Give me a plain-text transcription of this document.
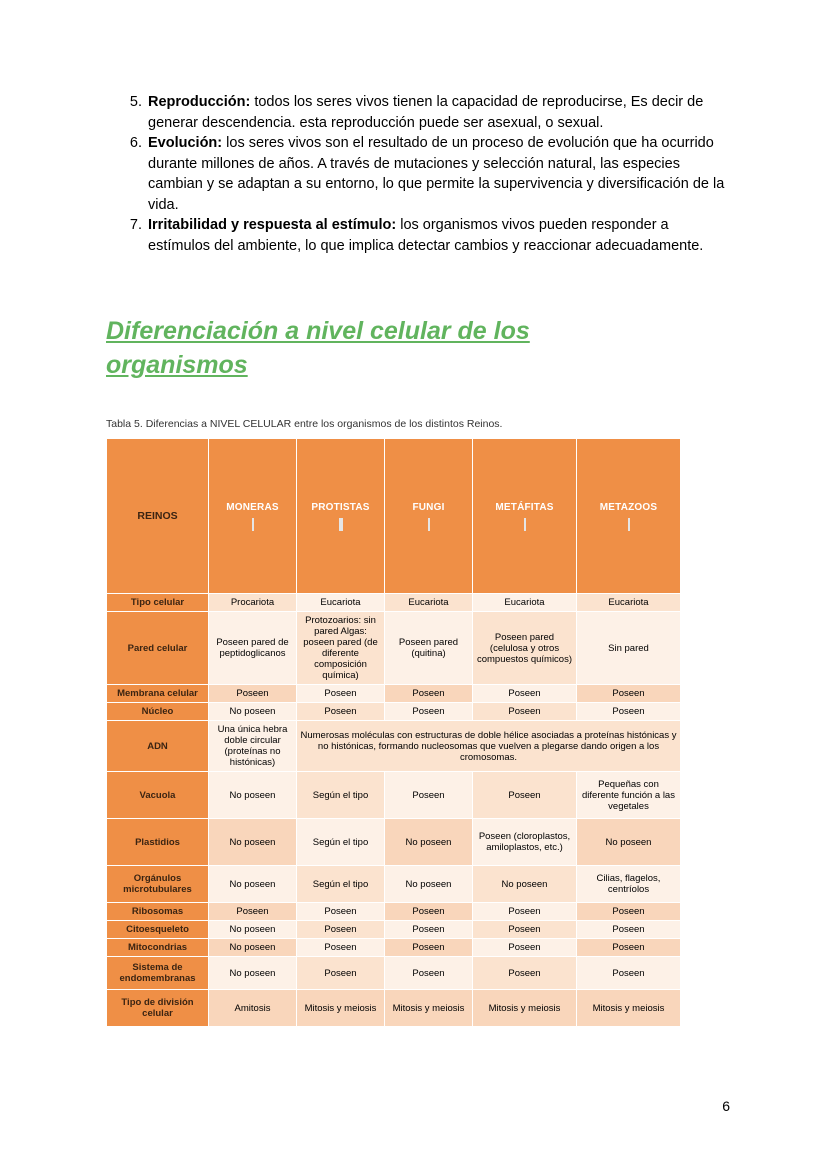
Reproducción: todos los seres vivos tienen la capacidad de reproducirse, Es decir de generar descendencia. esta reproducción puede ser asexual, o sexual.
Evolución: los seres vivos son el resultado de un proceso de evolución que ha ocurrido durante millones de años. A través de mutaciones y selección natural, las especies cambian y se adaptan a su entorno, lo que permite la supervivencia y diversificación de la vida.
Irritabilidad y respuesta al estímulo: los organismos vivos pueden responder a estímulos del ambiente, lo que implica detectar cambios y reaccionar adecuadamente.
Diferenciación a nivel celular de los organismos
Tabla 5. Diferencias a NIVEL CELULAR entre los organismos de los distintos Reinos.
REINOS	MONERAS	PROTISTAS	FUNGI	METÁFITAS	METAZOOS

Tipo celular	Procariota	Eucariota	Eucariota	Eucariota	Eucariota
Pared celular	Poseen pared de peptidoglicanos	Protozoarios: sin pared Algas: poseen pared (de diferente composición química)	Poseen pared (quitina)	Poseen pared (celulosa y otros compuestos químicos)	Sin pared
Membrana celular	Poseen	Poseen	Poseen	Poseen	Poseen
Núcleo	No poseen	Poseen	Poseen	Poseen	Poseen
ADN	Una única hebra doble circular (proteínas no histónicas)	Numerosas moléculas con estructuras de doble hélice asociadas a proteínas histónicas y no histónicas, formando nucleosomas que vuelven a plegarse dando origen a los cromosomas.			
Vacuola	No poseen	Según el tipo	Poseen	Poseen	Pequeñas con diferente función a las vegetales
Plastidios	No poseen	Según el tipo	No poseen	Poseen (cloroplastos, amiloplastos, etc.)	No poseen
Orgánulos microtubulares	No poseen	Según el tipo	No poseen	No poseen	Cilias, flagelos, centríolos
Ribosomas	Poseen	Poseen	Poseen	Poseen	Poseen
Citoesqueleto	No poseen	Poseen	Poseen	Poseen	Poseen
Mitocondrias	No poseen	Poseen	Poseen	Poseen	Poseen
Sistema de endomembranas	No poseen	Poseen	Poseen	Poseen	Poseen
Tipo de división celular	Amitosis	Mitosis y meiosis	Mitosis y meiosis	Mitosis y meiosis	Mitosis y meiosis
6
